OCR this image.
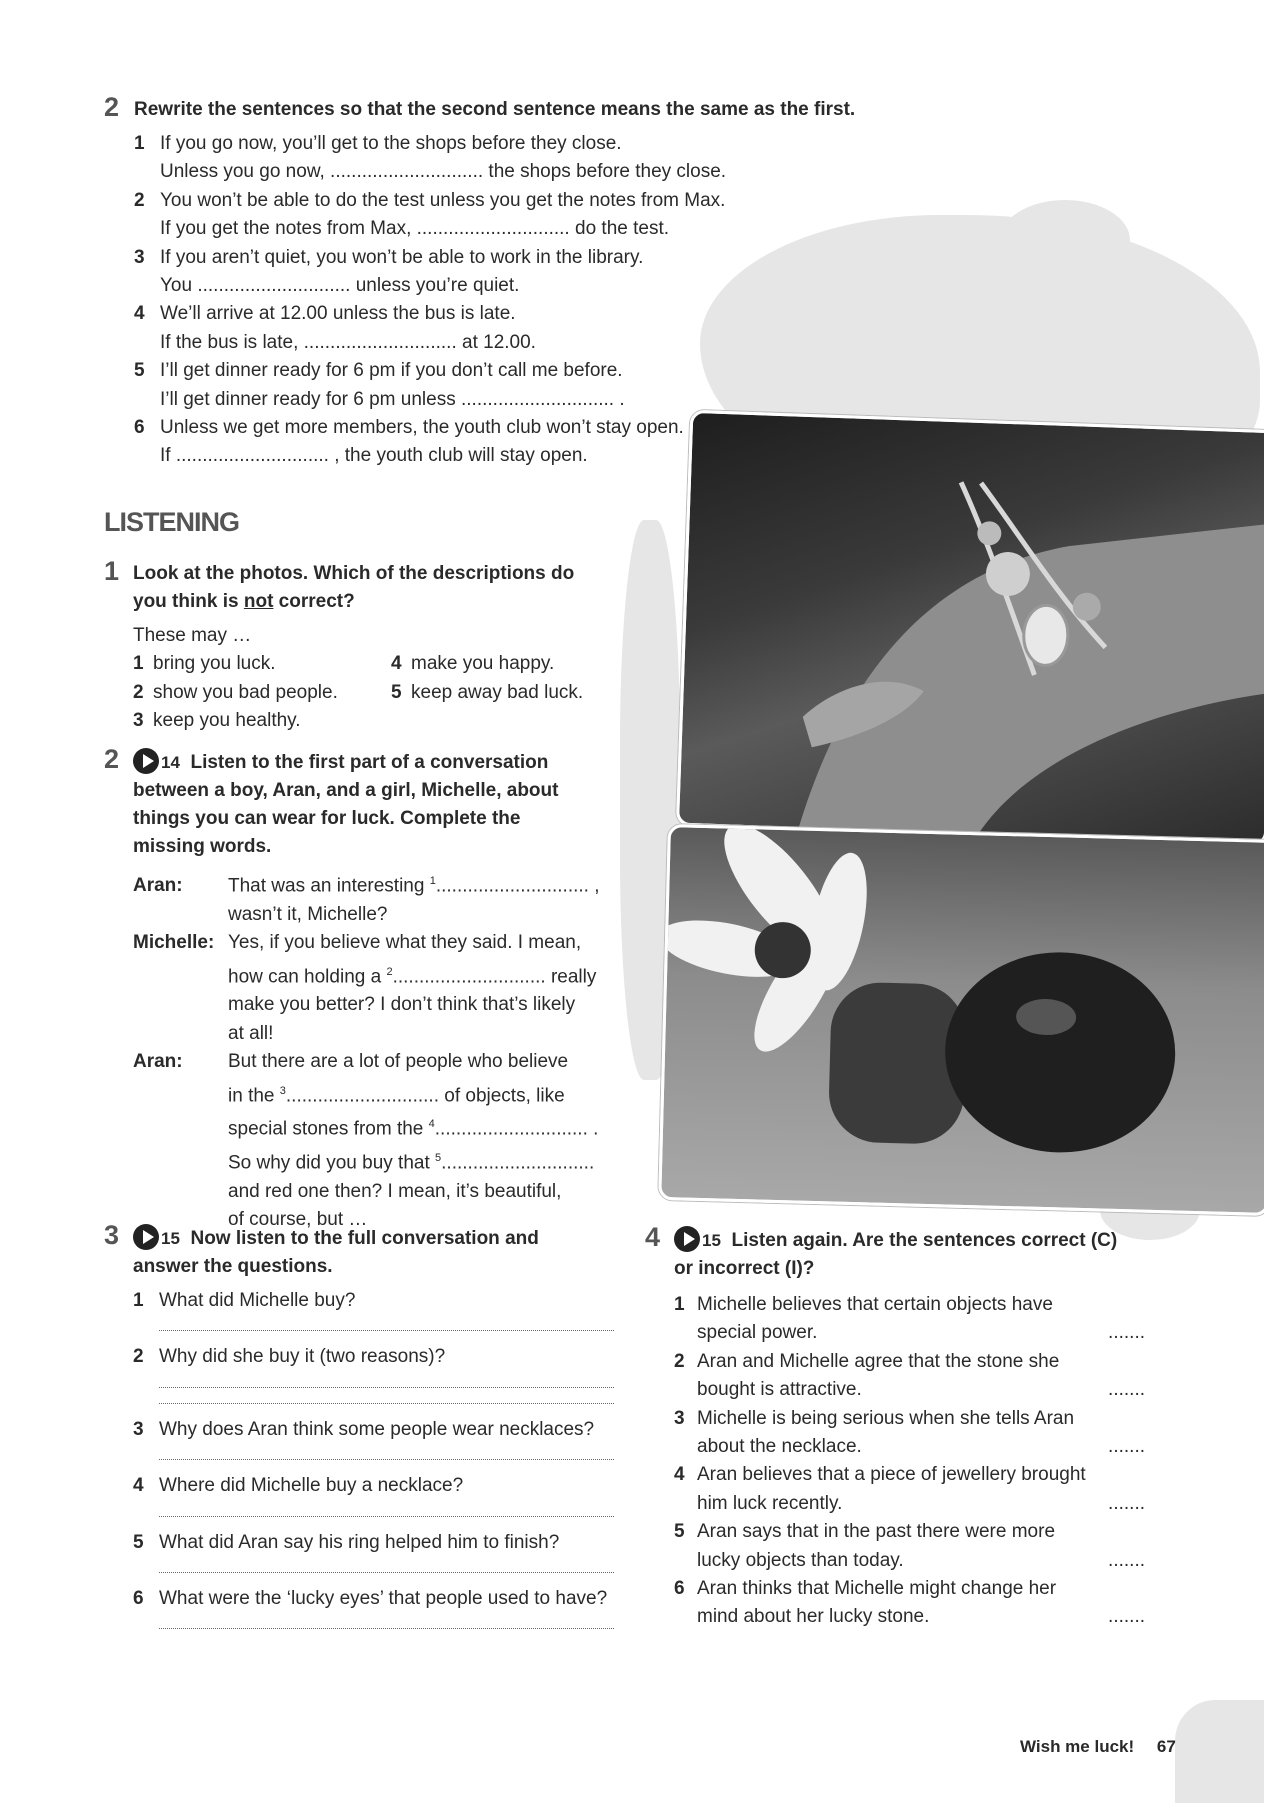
2 Rewrite the sentences so that the second sentence means the same as the first.
1 If you go now, you’ll get to the shops before they close.
Unless you go now, ............................. the shops before they close.
2 You won’t be able to do the test unless you get the notes from Max.
If you get the notes from Max, ............................. do the test.
3 If you aren’t quiet, you won’t be able to work in the library.
You ............................. unless you’re quiet.
4 We’ll arrive at 12.00 unless the bus is late.
If the bus is late, ............................. at 12.00.
5 I’ll get dinner ready for 6 pm if you don’t call me before.
I’ll get dinner ready for 6 pm unless ............................. .
6 Unless we get more members, the youth club won’t stay open.
If ............................. , the youth club will stay open.
LISTENING
1 Look at the photos. Which of the descriptions do
you think is not correct?
These may …
1 bring you luck.
2 show you bad people.
3 keep you healthy.
4 make you happy.
5 keep away bad luck.
2	14 Listen to the first part of a conversation
between a boy, Aran, and a girl, Michelle, about
things you can wear for luck. Complete the
missing words.
Aran: That was an interesting $^1$............................. ,
wasn’t it, Michelle?
Michelle: Yes, if you believe what they said. I mean,
how can holding a $^2$............................. really
make you better? I don’t think that’s likely
at all!
Aran: But there are a lot of people who believe
in the $^3$............................. of objects, like
special stones from the $^4$............................. .
So why did you buy that $^5$.............................
and red one then? I mean, it’s beautiful,
of course, but …
3	15 Now listen to the full conversation and
answer the questions.
1 What did Michelle buy?
2 Why did she buy it (two reasons)?
3 Why does Aran think some people wear necklaces?
4 Where did Michelle buy a necklace?
5 What did Aran say his ring helped him to finish?
6 What were the ‘lucky eyes’ that people used to have?
4	15 Listen again. Are the sentences correct (C)
or incorrect (I)?
1 Michelle believes that certain objects have
special power.	.......
2 Aran and Michelle agree that the stone she
bought is attractive.	.......
3 Michelle is being serious when she tells Aran
about the necklace.	.......
4 Aran believes that a piece of jewellery brought
him luck recently.	.......
5 Aran says that in the past there were more
lucky objects than today.	.......
6 Aran thinks that Michelle might change her
mind about her lucky stone.	.......
Wish me luck! 67
